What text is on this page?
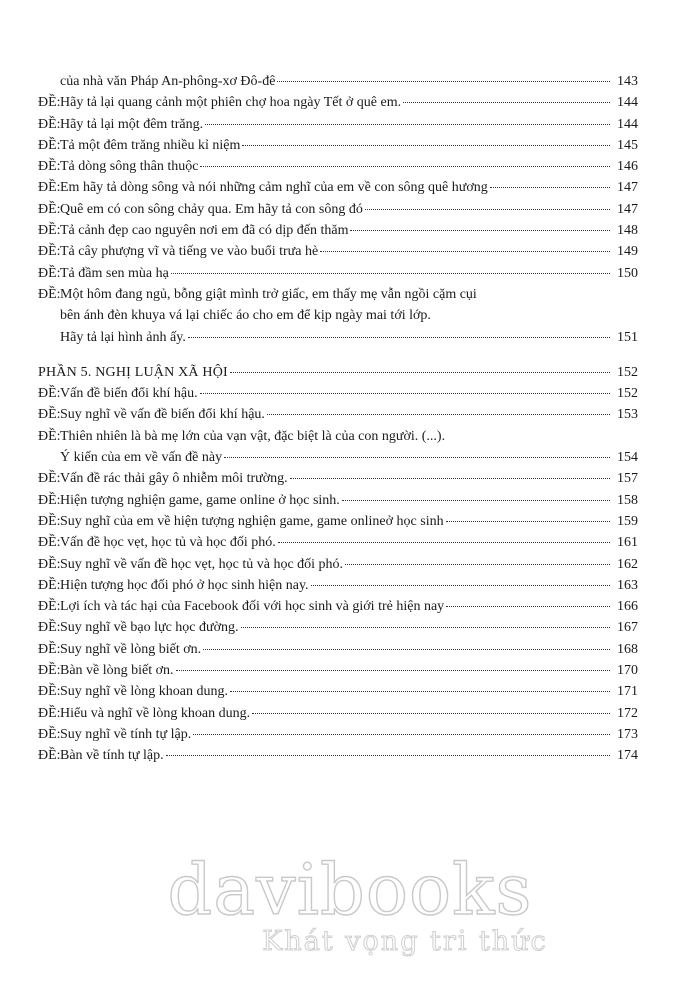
của nhà văn Pháp An-phông-xơ Đô-đê	143
ĐỀ: Hãy tả lại quang cảnh một phiên chợ hoa ngày Tết ở quê em.	144
ĐỀ: Hãy tả lại một đêm trăng.	144
ĐỀ: Tả một đêm trăng nhiều kỉ niệm	145
ĐỀ: Tả dòng sông thân thuộc	146
ĐỀ: Em hãy tả dòng sông và nói những cảm nghĩ của em về con sông quê hương	147
ĐỀ: Quê em có con sông chảy qua. Em hãy tả con sông đó	147
ĐỀ: Tả cảnh đẹp cao nguyên nơi em đã có dịp đến thăm	148
ĐỀ: Tả cây phượng vĩ và tiếng ve vào buổi trưa hè	149
ĐỀ: Tả đầm sen mùa hạ	150
ĐỀ: Một hôm đang ngủ, bỗng giật mình trở giấc, em thấy mẹ vẫn ngồi cặm cụi
bên ánh đèn khuya vá lại chiếc áo cho em để kịp ngày mai tới lớp.
Hãy tả lại hình ảnh ấy.	151
PHẦN 5. NGHỊ LUẬN XÃ HỘI	152
ĐỀ: Vấn đề biến đổi khí hậu.	152
ĐỀ: Suy nghĩ về vấn đề biến đổi khí hậu.	153
ĐỀ: Thiên nhiên là bà mẹ lớn của vạn vật, đặc biệt là của con người. (...).
Ý kiến của em về vấn đề này	154
ĐỀ: Vấn đề rác thải gây ô nhiễm môi trường.	157
ĐỀ: Hiện tượng nghiện game, game online ở học sinh.	158
ĐỀ: Suy nghĩ của em về hiện tượng nghiện game, game onlineở học sinh	159
ĐỀ: Vấn đề học vẹt, học tủ và học đối phó.	161
ĐỀ: Suy nghĩ về vấn đề học vẹt, học tủ và học đối phó.	162
ĐỀ: Hiện tượng học đối phó ở học sinh hiện nay.	163
ĐỀ: Lợi ích và tác hại của Facebook đối với học sinh và giới trẻ hiện nay	166
ĐỀ: Suy nghĩ về bạo lực học đường.	167
ĐỀ: Suy nghĩ về lòng biết ơn.	168
ĐỀ: Bàn về lòng biết ơn.	170
ĐỀ: Suy nghĩ về lòng khoan dung.	171
ĐỀ: Hiểu và nghĩ về lòng khoan dung.	172
ĐỀ: Suy nghĩ về tính tự lập.	173
ĐỀ: Bàn về tính tự lập.	174
davibooks
Khát vọng tri thức
